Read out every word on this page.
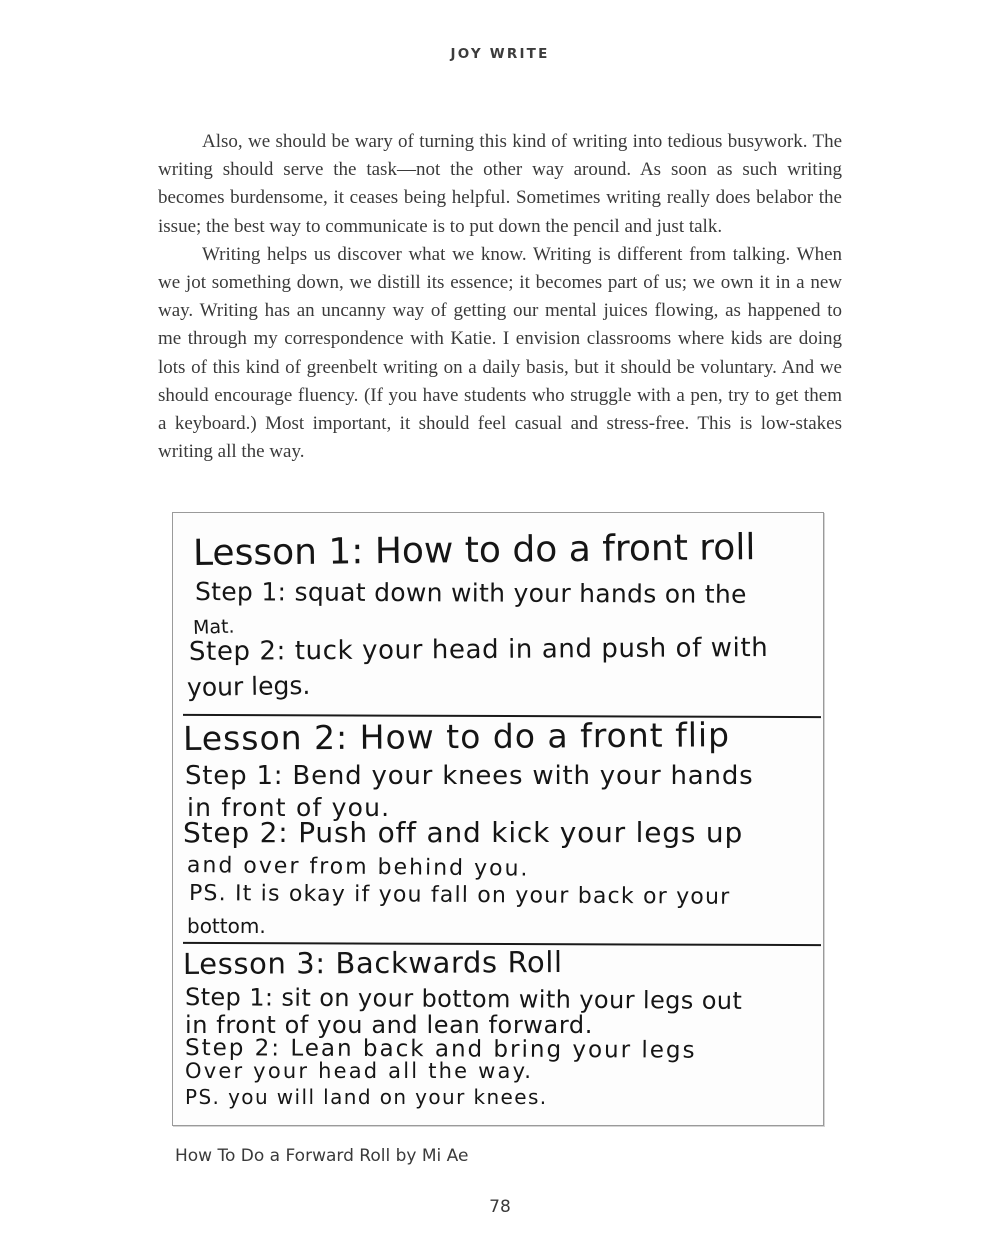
JOY WRITE

Also, we should be wary of turning this kind of writing into tedious busywork. The writing should serve the task—not the other way around. As soon as such writing becomes burdensome, it ceases being helpful. Sometimes writing really does belabor the issue; the best way to communicate is to put down the pencil and just talk.

Writing helps us discover what we know. Writing is different from talking. When we jot something down, we distill its essence; it becomes part of us; we own it in a new way. Writing has an uncanny way of getting our mental juices flowing, as happened to me through my correspondence with Katie. I envision classrooms where kids are doing lots of this kind of greenbelt writing on a daily basis, but it should be voluntary. And we should encourage fluency. (If you have students who struggle with a pen, try to get them a keyboard.) Most important, it should feel casual and stress-free. This is low-stakes writing all the way.

Lesson 1: How to do a front roll
Step 1: squat down with your hands on the
Mat.
Step 2: tuck your head in and push of with
your legs.
Lesson 2: How to do a front flip
Step 1: Bend your knees with your hands
in front of you.
Step 2: Push off and kick your legs up
and over from behind you.
PS. It is okay if you fall on your back or your
bottom.
Lesson 3: Backwards Roll
Step 1: sit on your bottom with your legs out
in front of you and lean forward.
Step 2: Lean back and bring your legs
Over your head all the way.
PS. you will land on your knees.
How To Do a Forward Roll by Mi Ae
78
